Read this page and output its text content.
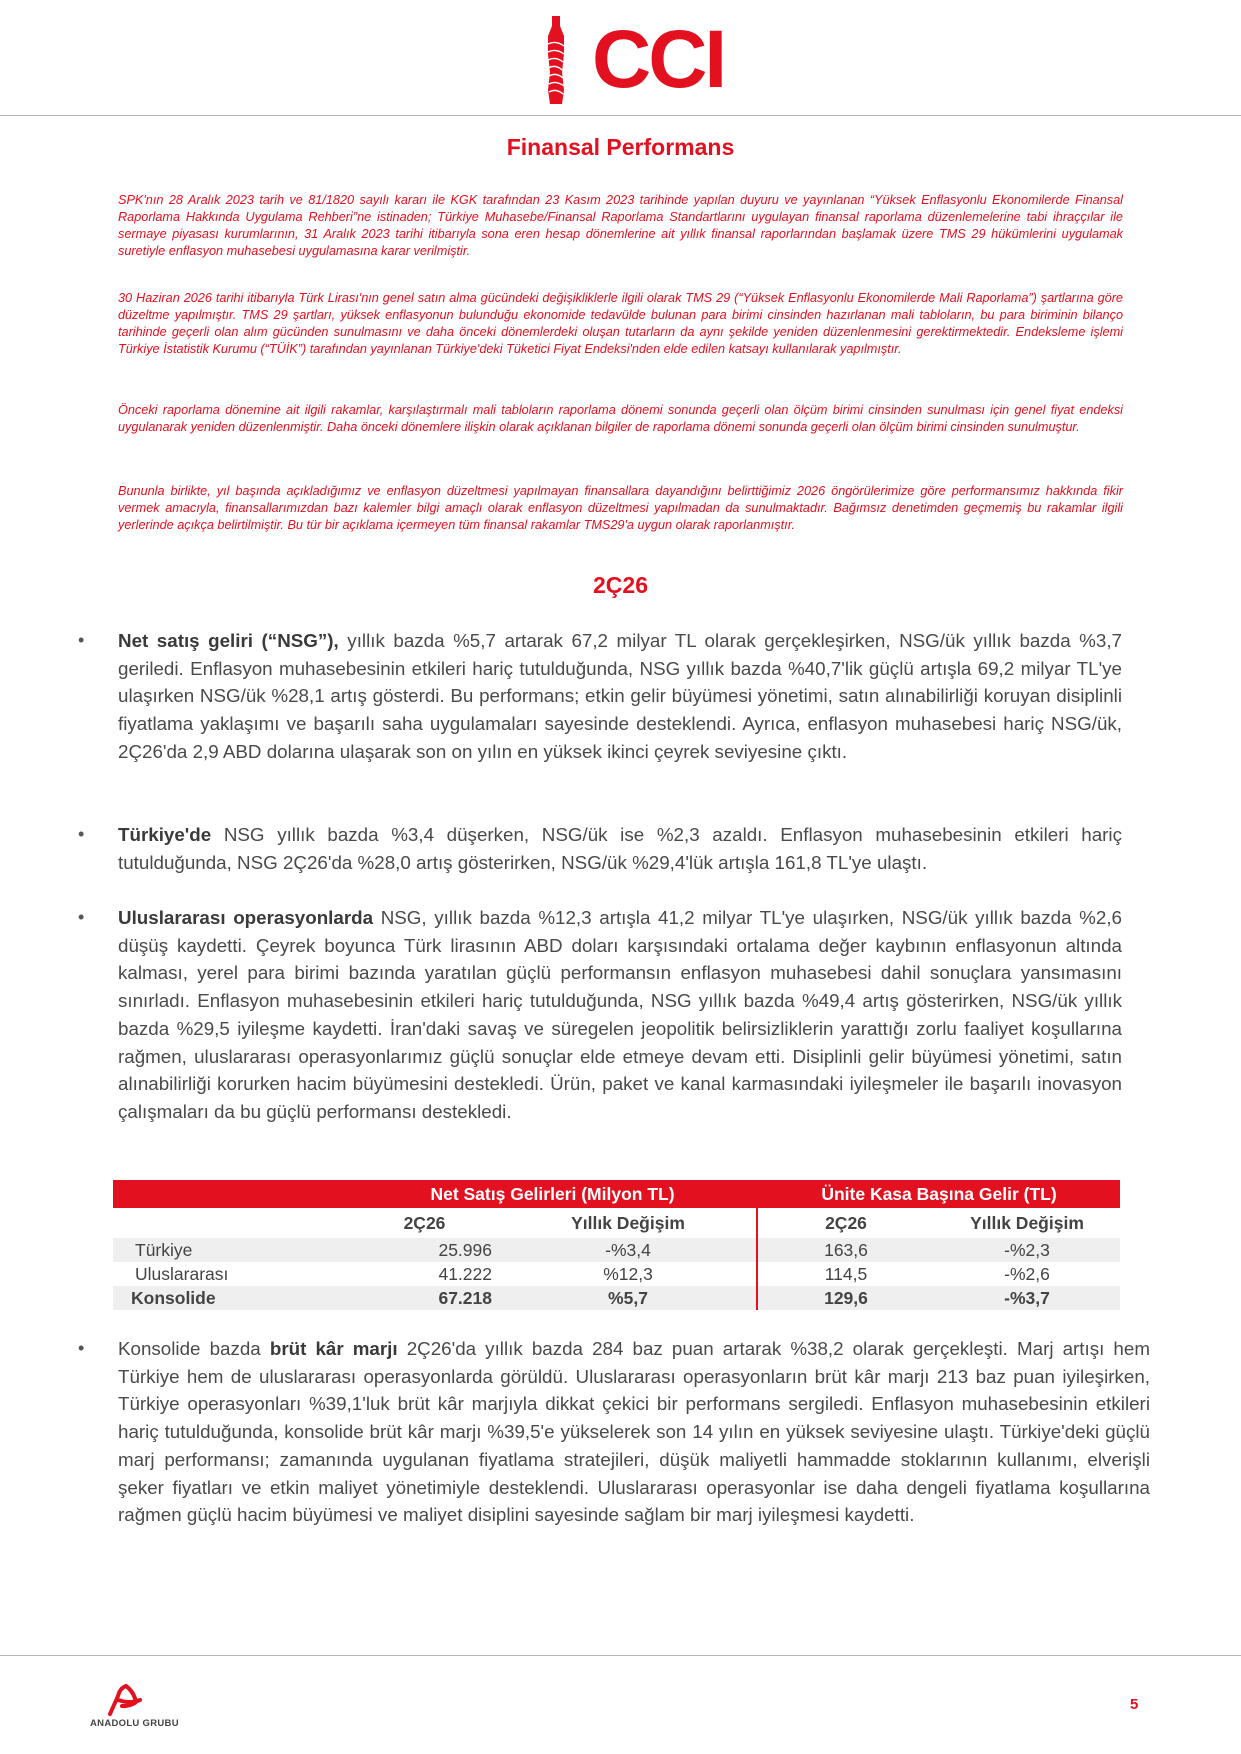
CCI
Finansal Performans

SPK'nın 28 Aralık 2023 tarih ve 81/1820 sayılı kararı ile KGK tarafından 23 Kasım 2023 tarihinde yapılan duyuru ve yayınlanan “Yüksek Enflasyonlu Ekonomilerde Finansal Raporlama Hakkında Uygulama Rehberi”ne istinaden; Türkiye Muhasebe/Finansal Raporlama Standartlarını uygulayan finansal raporlama düzenlemelerine tabi ihraççılar ile sermaye piyasası kurumlarının, 31 Aralık 2023 tarihi itibarıyla sona eren hesap dönemlerine ait yıllık finansal raporlarından başlamak üzere TMS 29 hükümlerini uygulamak suretiyle enflasyon muhasebesi uygulamasına karar verilmiştir.

30 Haziran 2026 tarihi itibarıyla Türk Lirası'nın genel satın alma gücündeki değişikliklerle ilgili olarak TMS 29 (“Yüksek Enflasyonlu Ekonomilerde Mali Raporlama”) şartlarına göre düzeltme yapılmıştır. TMS 29 şartları, yüksek enflasyonun bulunduğu ekonomide tedavülde bulunan para birimi cinsinden hazırlanan mali tabloların, bu para biriminin bilanço tarihinde geçerli olan alım gücünden sunulmasını ve daha önceki dönemlerdeki oluşan tutarların da aynı şekilde yeniden düzenlenmesini gerektirmektedir. Endeksleme işlemi Türkiye İstatistik Kurumu (“TÜİK”) tarafından yayınlanan Türkiye'deki Tüketici Fiyat Endeksi'nden elde edilen katsayı kullanılarak yapılmıştır.

Önceki raporlama dönemine ait ilgili rakamlar, karşılaştırmalı mali tabloların raporlama dönemi sonunda geçerli olan ölçüm birimi cinsinden sunulması için genel fiyat endeksi uygulanarak yeniden düzenlenmiştir. Daha önceki dönemlere ilişkin olarak açıklanan bilgiler de raporlama dönemi sonunda geçerli olan ölçüm birimi cinsinden sunulmuştur.

Bununla birlikte, yıl başında açıkladığımız ve enflasyon düzeltmesi yapılmayan finansallara dayandığını belirttiğimiz 2026 öngörülerimize göre performansımız hakkında fikir vermek amacıyla, finansallarımızdan bazı kalemler bilgi amaçlı olarak enflasyon düzeltmesi yapılmadan da sunulmaktadır. Bağımsız denetimden geçmemiş bu rakamlar ilgili yerlerinde açıkça belirtilmiştir. Bu tür bir açıklama içermeyen tüm finansal rakamlar TMS29'a uygun olarak raporlanmıştır.

2Ç26
•	Net satış geliri (“NSG”), yıllık bazda %5,7 artarak 67,2 milyar TL olarak gerçekleşirken, NSG/ük yıllık bazda %3,7 geriledi. Enflasyon muhasebesinin etkileri hariç tutulduğunda, NSG yıllık bazda %40,7'lik güçlü artışla 69,2 milyar TL'ye ulaşırken NSG/ük %28,1 artış gösterdi. Bu performans; etkin gelir büyümesi yönetimi, satın alınabilirliği koruyan disiplinli fiyatlama yaklaşımı ve başarılı saha uygulamaları sayesinde desteklendi. Ayrıca, enflasyon muhasebesi hariç NSG/ük, 2Ç26'da 2,9 ABD dolarına ulaşarak son on yılın en yüksek ikinci çeyrek seviyesine çıktı.

•	Türkiye'de NSG yıllık bazda %3,4 düşerken, NSG/ük ise %2,3 azaldı. Enflasyon muhasebesinin etkileri hariç tutulduğunda, NSG 2Ç26'da %28,0 artış gösterirken, NSG/ük %29,4'lük artışla 161,8 TL'ye ulaştı.

•	Uluslararası operasyonlarda NSG, yıllık bazda %12,3 artışla 41,2 milyar TL'ye ulaşırken, NSG/ük yıllık bazda %2,6 düşüş kaydetti. Çeyrek boyunca Türk lirasının ABD doları karşısındaki ortalama değer kaybının enflasyonun altında kalması, yerel para birimi bazında yaratılan güçlü performansın enflasyon muhasebesi dahil sonuçlara yansımasını sınırladı. Enflasyon muhasebesinin etkileri hariç tutulduğunda, NSG yıllık bazda %49,4 artış gösterirken, NSG/ük yıllık bazda %29,5 iyileşme kaydetti. İran'daki savaş ve süregelen jeopolitik belirsizliklerin yarattığı zorlu faaliyet koşullarına rağmen, uluslararası operasyonlarımız güçlü sonuçlar elde etmeye devam etti. Disiplinli gelir büyümesi yönetimi, satın alınabilirliği korurken hacim büyümesini destekledi. Ürün, paket ve kanal karmasındaki iyileşmeler ile başarılı inovasyon çalışmaları da bu güçlü performansı destekledi.

	Net Satış Gelirleri (Milyon TL)		Ünite Kasa Başına Gelir (TL)	
	2Ç26	Yıllık Değişim	2Ç26	Yıllık Değişim
Türkiye	25.996	-%3,4	163,6	-%2,3
Uluslararası	41.222	%12,3	114,5	-%2,6
Konsolide	67.218	%5,7	129,6	-%3,7
•	Konsolide bazda brüt kâr marjı 2Ç26'da yıllık bazda 284 baz puan artarak %38,2 olarak gerçekleşti. Marj artışı hem Türkiye hem de uluslararası operasyonlarda görüldü. Uluslararası operasyonların brüt kâr marjı 213 baz puan iyileşirken, Türkiye operasyonları %39,1'luk brüt kâr marjıyla dikkat çekici bir performans sergiledi. Enflasyon muhasebesinin etkileri hariç tutulduğunda, konsolide brüt kâr marjı %39,5'e yükselerek son 14 yılın en yüksek seviyesine ulaştı. Türkiye'deki güçlü marj performansı; zamanında uygulanan fiyatlama stratejileri, düşük maliyetli hammadde stoklarının kullanımı, elverişli şeker fiyatları ve etkin maliyet yönetimiyle desteklendi. Uluslararası operasyonlar ise daha dengeli fiyatlama koşullarına rağmen güçlü hacim büyümesi ve maliyet disiplini sayesinde sağlam bir marj iyileşmesi kaydetti.

ANADOLU GRUBU
5
